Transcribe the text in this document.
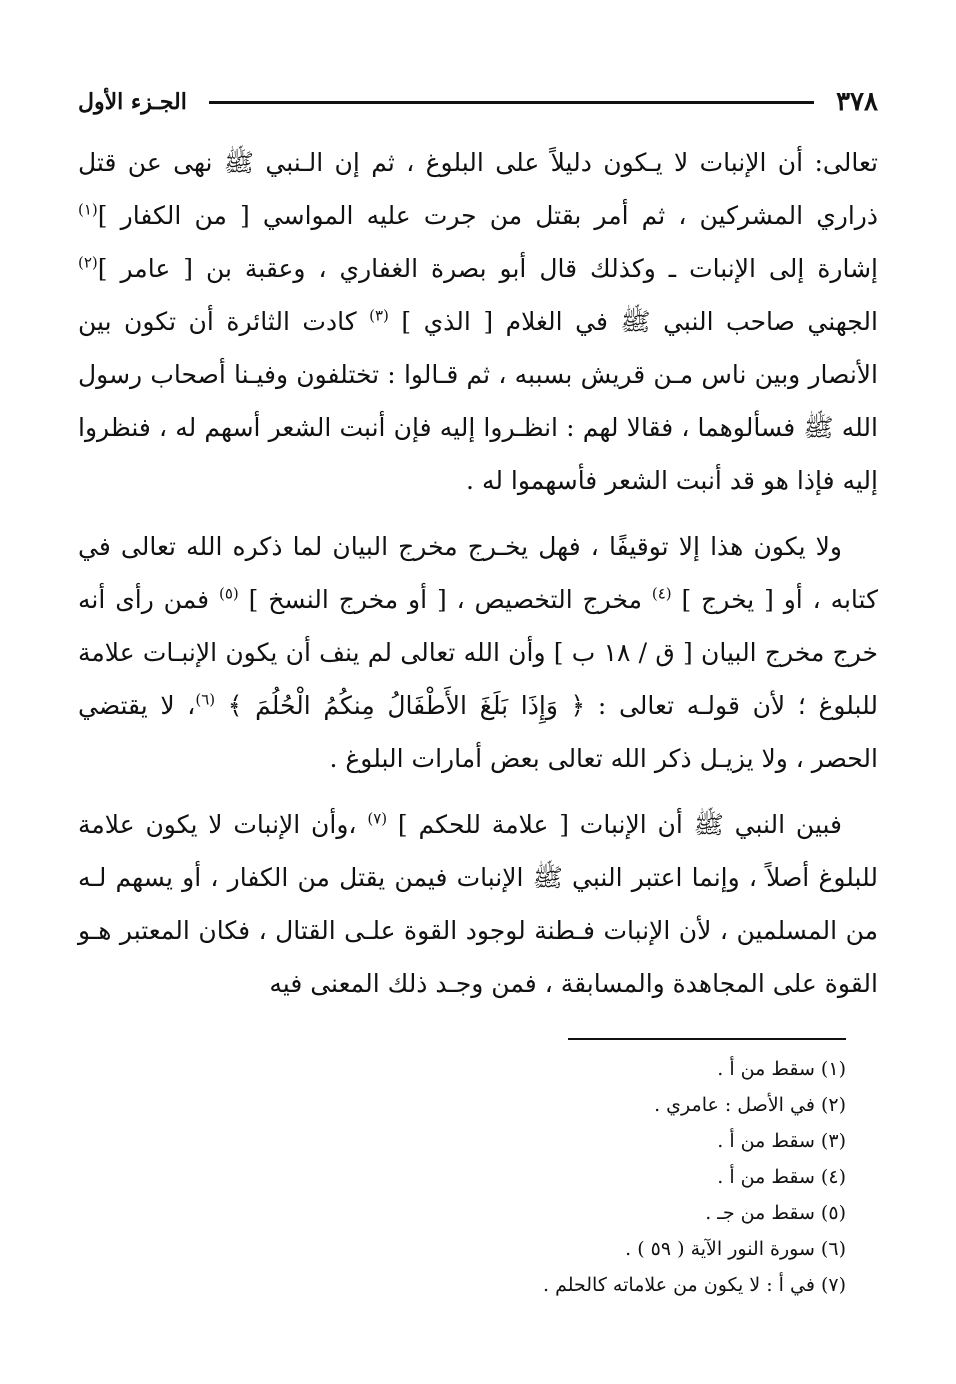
٣٧٨
الجـزء الأول

تعالى: أن الإنبات لا يـكون دليلاً على البلوغ ، ثم إن الـنبي ﷺ نهى عن قتل ذراري المشركين ، ثم أمر بقتل من جرت عليه المواسي [ من الكفار ]$^{(١)}$ إشارة إلى الإنبات ـ وكذلك قال أبو بصرة الغفاري ، وعقبة بن [ عامر ]$^{(٢)}$ الجهني صاحب النبي ﷺ في الغلام [ الذي ] $^{(٣)}$ كادت الثائرة أن تكون بين الأنصار وبين ناس مـن قريش بسببه ، ثم قـالوا : تختلفون وفيـنا أصحاب رسول الله ﷺ فسألوهما ، فقالا لهم : انظـروا إليه فإن أنبت الشعر أسهم له ، فنظروا إليه فإذا هو قد أنبت الشعر فأسهموا له .

ولا يكون هذا إلا توقيفًا ، فهل يخـرج مخرج البيان لما ذكره الله تعالى في كتابه ، أو [ يخرج ] $^{(٤)}$ مخرج التخصيص ، [ أو مخرج النسخ ] $^{(٥)}$ فمن رأى أنه خرج مخرج البيان [ ق / ١٨ ب ] وأن الله تعالى لم ينف أن يكون الإنبـات علامة للبلوغ ؛ لأن قولـه تعالى : ﴿ وَإِذَا بَلَغَ الأَطْفَالُ مِنكُمُ الْحُلُمَ ﴾ $^{(٦)}$، لا يقتضي الحصر ، ولا يزيـل ذكر الله تعالى بعض أمارات البلوغ .

فبين النبي ﷺ أن الإنبات [ علامة للحكم ] $^{(٧)}$ ،وأن الإنبات لا يكون علامة للبلوغ أصلاً ، وإنما اعتبر النبي ﷺ الإنبات فيمن يقتل من الكفار ، أو يسهم لـه من المسلمين ، لأن الإنبات فـطنة لوجود القوة علـى القتال ، فكان المعتبر هـو القوة على المجاهدة والمسابقة ، فمن وجـد ذلك المعنى فيه

(١) سقط من أ .
(٢) في الأصل : عامري .
(٣) سقط من أ .
(٤) سقط من أ .
(٥) سقط من جـ .
(٦) سورة النور الآية ( ٥٩ ) .
(٧) في أ : لا يكون من علاماته كالحلم .
